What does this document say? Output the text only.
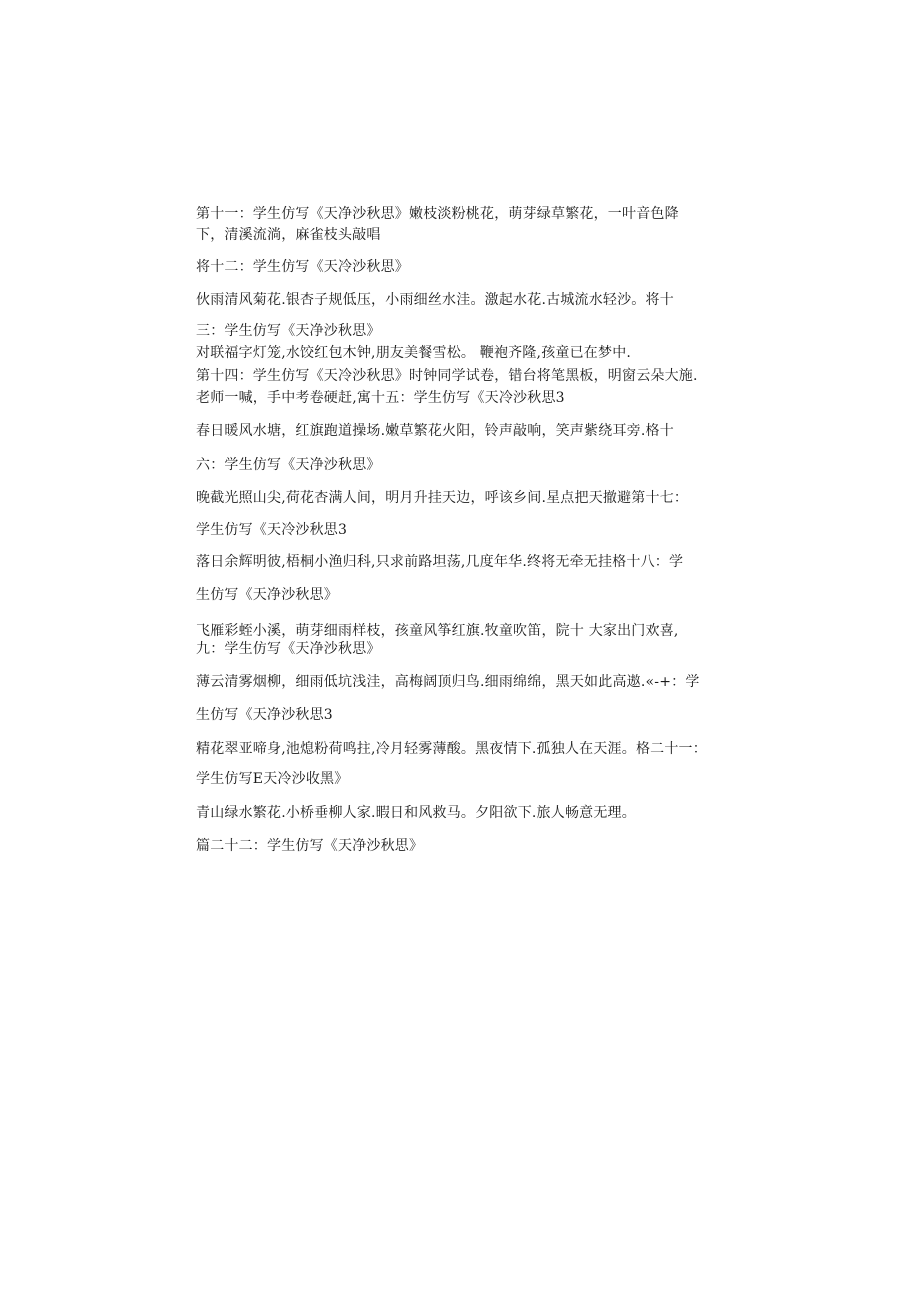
第十一：学生仿写《天净沙秋思》嫩枝淡粉桃花，萌芽绿草繁花，一叶音色降
下，清溪流淌，麻雀枝头敲唱
将十二：学生仿写《天冷沙秋思》
伙雨清风菊花.银杏子规低压，小雨细丝水洼。激起水花.古城流水轻沙。将十
三：学生仿写《天净沙秋思》
对联福字灯笼,水饺红包木钟,朋友美餐雪松。 鞭袍齐隆,孩童已在梦中.
第十四：学生仿写《天冷沙秋思》时钟同学试卷，错台将笔黑板，明窗云朵大施.
老师一喊，手中考卷硬赶,寓十五：学生仿写《天冷沙秋思3
春日暖风水塘，红旗跑道操场.嫩草繁花火阳，铃声敲响，笑声紫绕耳旁.格十
六：学生仿写《天净沙秋思》
晚截光照山尖,荷花杏满人间，明月升挂天边，呼该乡间.星点把天撤避第十七：
学生仿写《天冷沙秋思3
落日余辉明彼,梧桐小渔归科,只求前路坦荡,几度年华.终将无牵无挂格十八：学
生仿写《天净沙秋思》
飞雁彩蛭小溪，萌芽细雨样枝，孩童风筝红旗.牧童吹笛，院十 大家出门欢喜,
九：学生仿写《天净沙秋思》
薄云清雾烟柳，细雨低坑浅洼，高梅阔顶归鸟.细雨绵绵，黑天如此高遨.«-+：学
生仿写《天净沙秋思3
精花翠亚啼身,池熄粉荷鸣拄,冷月轻雾薄酸。黑夜情下.孤独人在天涯。格二十一：
学生仿写E天冷沙收黑》
青山绿水繁花.小桥垂柳人家.暇日和风救马。夕阳欲下.旅人畅意无理。
篇二十二：学生仿写《天净沙秋思》
